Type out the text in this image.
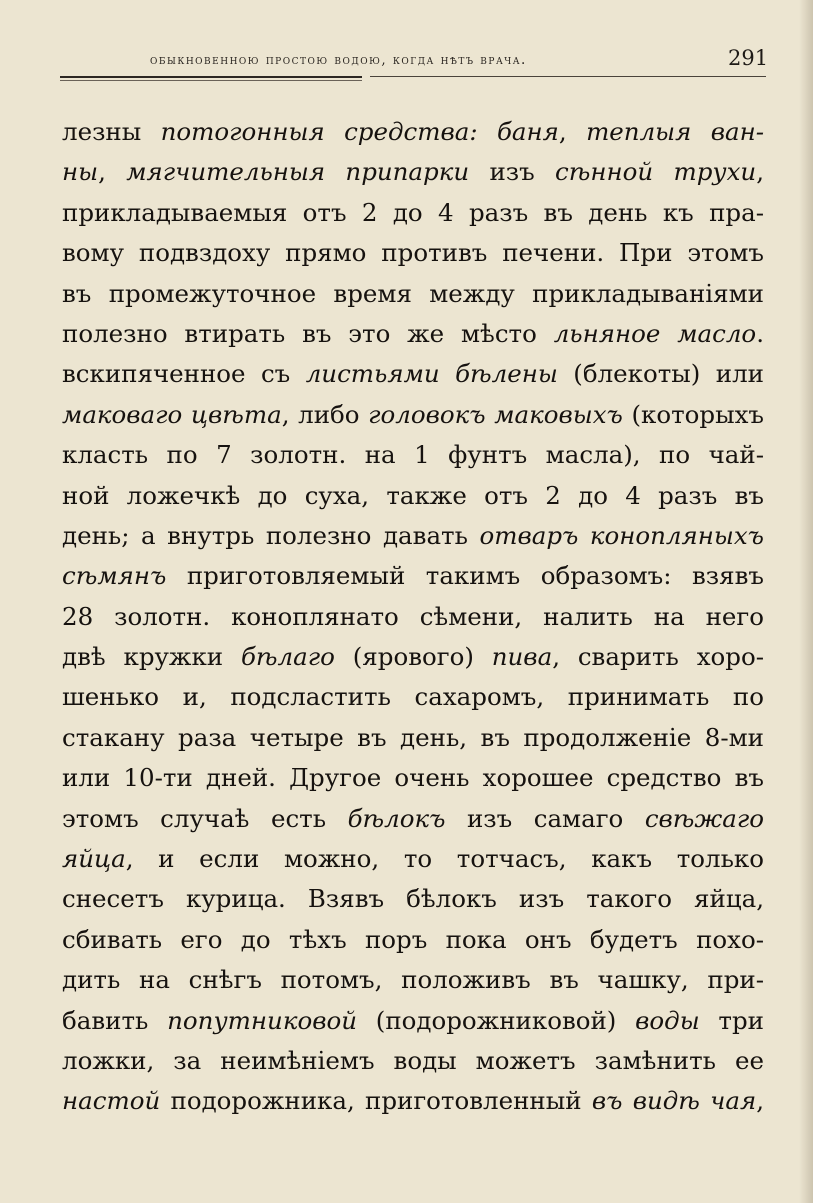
обыкновенною простою водою, когда нѣтъ врача.	291
лезны потогонныя средства: баня, теплыя ван-
ны, мягчительныя припарки изъ сѣнной трухи,
прикладываемыя отъ 2 до 4 разъ въ день къ пра-
вому подвздоху прямо противъ печени. При этомъ
въ промежуточное время между прикладываніями
полезно втирать въ это же мѣсто льняное масло.
вскипяченное съ листьями бѣлены (блекоты) или
маковаго цвѣта, либо головокъ маковыхъ (которыхъ
класть по 7 золотн. на 1 фунтъ масла), по чай-
ной ложечкѣ до суха, также отъ 2 до 4 разъ въ
день; а внутрь полезно давать отваръ конопляныхъ
сѣмянъ приготовляемый такимъ образомъ: взявъ
28 золотн. коноплянато сѣмени, налить на него
двѣ кружки бѣлаго (ярового) пива, сварить хоро-
шенько и, подсластить сахаромъ, принимать по
стакану раза четыре въ день, въ продолженіе 8-ми
или 10-ти дней. Другое очень хорошее средство въ
этомъ случаѣ есть бѣлокъ изъ самаго свѣжаго
яйца, и если можно, то тотчасъ, какъ только
снесетъ курица. Взявъ бѣлокъ изъ такого яйца,
сбивать его до тѣхъ поръ пока онъ будетъ похо-
дить на снѣгъ потомъ, положивъ въ чашку, при-
бавить попутниковой (подорожниковой) воды три
ложки, за неимѣніемъ воды можетъ замѣнить ее
настой подорожника, приготовленный въ видѣ чая,
